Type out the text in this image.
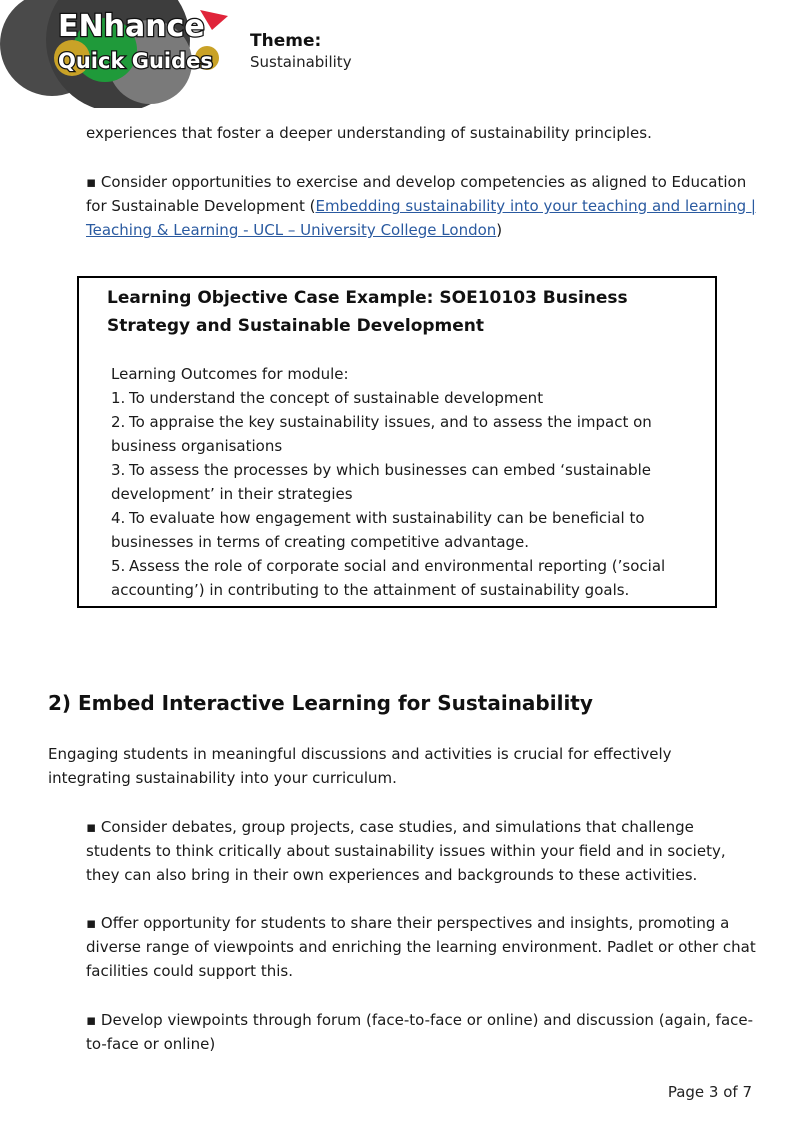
ENhance
Quick Guides
Theme:
Sustainability

experiences that foster a deeper understanding of sustainability principles.

▪ Consider opportunities to exercise and develop competencies as aligned to Education for Sustainable Development (Embedding sustainability into your teaching and learning | Teaching & Learning - UCL – University College London)

Learning Objective Case Example: SOE10103 Business Strategy and Sustainable Development
Learning Outcomes for module:
1. To understand the concept of sustainable development
2. To appraise the key sustainability issues, and to assess the impact on business organisations
3. To assess the processes by which businesses can embed ‘sustainable development’ in their strategies
4. To evaluate how engagement with sustainability can be beneficial to businesses in terms of creating competitive advantage.
5. Assess the role of corporate social and environmental reporting (’social accounting’) in contributing to the attainment of sustainability goals.
2) Embed Interactive Learning for Sustainability

Engaging students in meaningful discussions and activities is crucial for effectively integrating sustainability into your curriculum.

▪ Consider debates, group projects, case studies, and simulations that challenge students to think critically about sustainability issues within your field and in society, they can also bring in their own experiences and backgrounds to these activities.

▪ Offer opportunity for students to share their perspectives and insights, promoting a diverse range of viewpoints and enriching the learning environment. Padlet or other chat facilities could support this.

▪ Develop viewpoints through forum (face-to-face or online) and discussion (again, face-to-face or online)

Page 3 of 7
